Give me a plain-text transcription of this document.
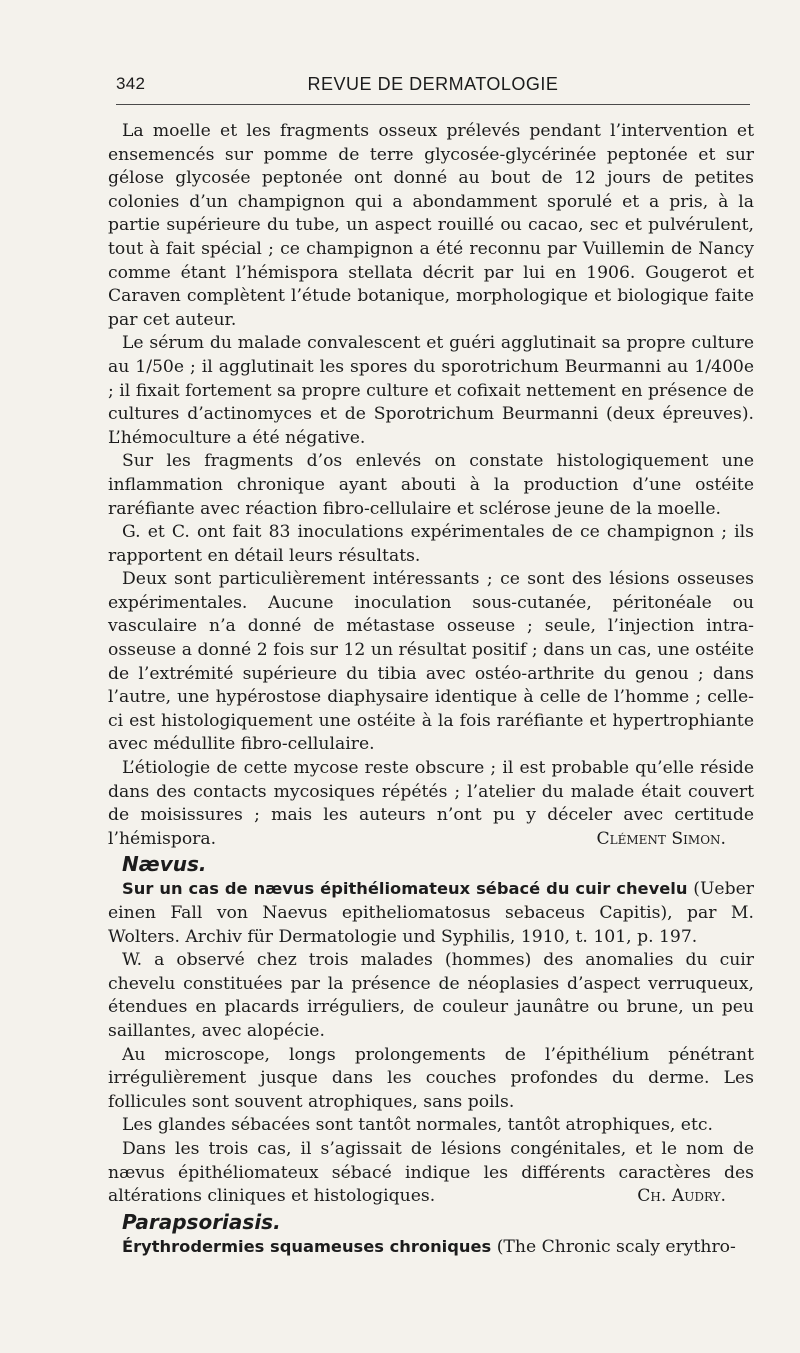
342	REVUE DE DERMATOLOGIE

La moelle et les fragments osseux prélevés pendant l’intervention et ensemencés sur pomme de terre glycosée-glycérinée peptonée et sur gélose glycosée peptonée ont donné au bout de 12 jours de petites colonies d’un champignon qui a abondamment sporulé et a pris, à la partie supérieure du tube, un aspect rouillé ou cacao, sec et pulvérulent, tout à fait spécial ; ce champignon a été reconnu par Vuillemin de Nancy comme étant l’hémispora stellata décrit par lui en 1906. Gougerot et Caraven complètent l’étude botanique, morphologique et biologique faite par cet auteur.

Le sérum du malade convalescent et guéri agglutinait sa propre culture au 1/50e ; il agglutinait les spores du sporotrichum Beurmanni au 1/400e ; il fixait fortement sa propre culture et cofixait nettement en présence de cultures d’actinomyces et de Sporotrichum Beurmanni (deux épreuves). L’hémoculture a été négative.

Sur les fragments d’os enlevés on constate histologiquement une inflammation chronique ayant abouti à la production d’une ostéite raréfiante avec réaction fibro-cellulaire et sclérose jeune de la moelle.

G. et C. ont fait 83 inoculations expérimentales de ce champignon ; ils rapportent en détail leurs résultats.

Deux sont particulièrement intéressants ; ce sont des lésions osseuses expérimentales. Aucune inoculation sous-cutanée, péritonéale ou vasculaire n’a donné de métastase osseuse ; seule, l’injection intra-osseuse a donné 2 fois sur 12 un résultat positif ; dans un cas, une ostéite de l’extrémité supérieure du tibia avec ostéo-arthrite du genou ; dans l’autre, une hypérostose diaphysaire identique à celle de l’homme ; celle-ci est histologiquement une ostéite à la fois raréfiante et hypertrophiante avec médullite fibro-cellulaire.

L’étiologie de cette mycose reste obscure ; il est probable qu’elle réside dans des contacts mycosiques répétés ; l’atelier du malade était couvert de moisissures ; mais les auteurs n’ont pu y déceler avec certitude l’hémispora.	Clément Simon.

Nævus.

Sur un cas de nævus épithéliomateux sébacé du cuir chevelu (Ueber einen Fall von Naevus epitheliomatosus sebaceus Capitis), par M. Wolters. Archiv für Dermatologie und Syphilis, 1910, t. 101, p. 197.

W. a observé chez trois malades (hommes) des anomalies du cuir chevelu constituées par la présence de néoplasies d’aspect verruqueux, étendues en placards irréguliers, de couleur jaunâtre ou brune, un peu saillantes, avec alopécie.

Au microscope, longs prolongements de l’épithélium pénétrant irrégulièrement jusque dans les couches profondes du derme. Les follicules sont souvent atrophiques, sans poils.

Les glandes sébacées sont tantôt normales, tantôt atrophiques, etc.

Dans les trois cas, il s’agissait de lésions congénitales, et le nom de nævus épithéliomateux sébacé indique les différents caractères des altérations cliniques et histologiques.	Ch. Audry.

Parapsoriasis.

Érythrodermies squameuses chroniques (The Chronic scaly erythro-
